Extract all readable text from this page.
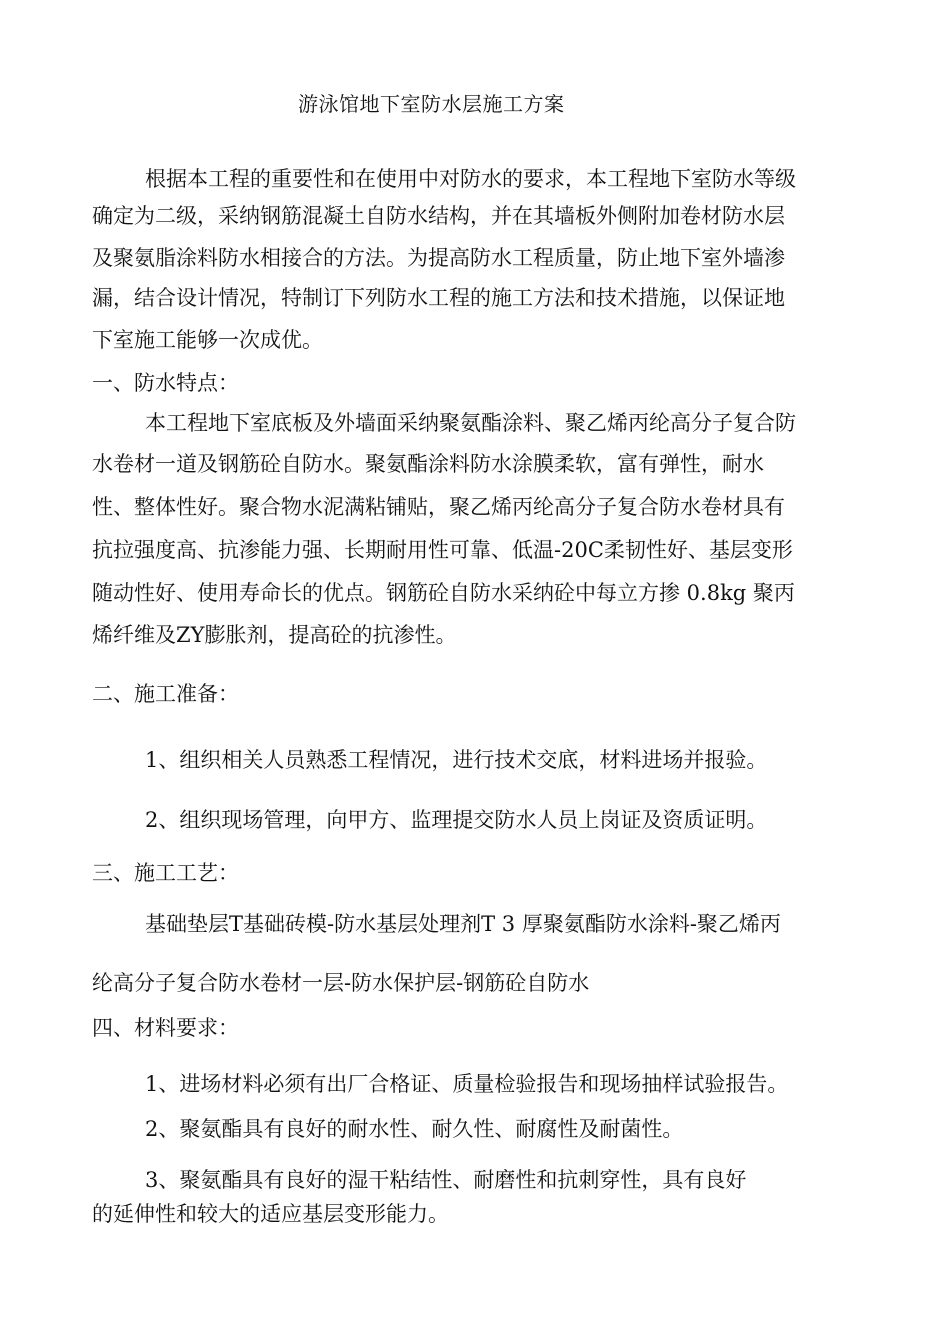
游泳馆地下室防水层施工方案
根据本工程的重要性和在使用中对防水的要求，本工程地下室防水等级
确定为二级，采纳钢筋混凝土自防水结构，并在其墙板外侧附加卷材防水层
及聚氨脂涂料防水相接合的方法。为提高防水工程质量，防止地下室外墙渗
漏，结合设计情况，特制订下列防水工程的施工方法和技术措施，以保证地
下室施工能够一次成优。
一、防水特点：
本工程地下室底板及外墙面采纳聚氨酯涂料、聚乙烯丙纶高分子复合防
水卷材一道及钢筋砼自防水。聚氨酯涂料防水涂膜柔软，富有弹性，耐水
性、整体性好。聚合物水泥满粘铺贴，聚乙烯丙纶高分子复合防水卷材具有
抗拉强度高、抗渗能力强、长期耐用性可靠、低温-20C柔韧性好、基层变形
随动性好、使用寿命长的优点。钢筋砼自防水采纳砼中每立方掺 0.8kg 聚丙
烯纤维及ZY膨胀剂，提高砼的抗渗性。
二、施工准备：
1、组织相关人员熟悉工程情况，进行技术交底，材料进场并报验。
2、组织现场管理，向甲方、监理提交防水人员上岗证及资质证明。
三、施工工艺：
基础垫层T基础砖模-防水基层处理剂T 3 厚聚氨酯防水涂料-聚乙烯丙
纶高分子复合防水卷材一层-防水保护层-钢筋砼自防水
四、材料要求：
1、进场材料必须有出厂合格证、质量检验报告和现场抽样试验报告。
2、聚氨酯具有良好的耐水性、耐久性、耐腐性及耐菌性。
3、聚氨酯具有良好的湿干粘结性、耐磨性和抗刺穿性，具有良好
的延伸性和较大的适应基层变形能力。
